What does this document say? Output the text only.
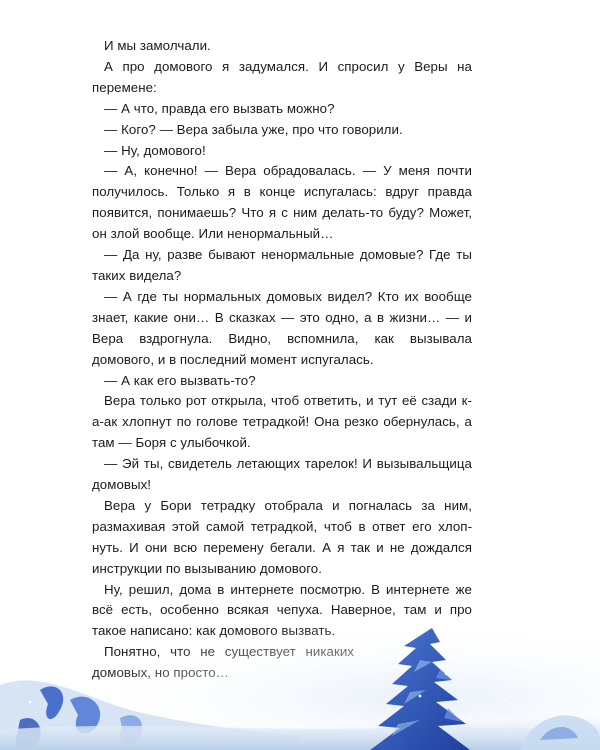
И мы замолчали.

А про домового я задумался. И спросил у Веры на перемене:

— А что, правда его вызвать можно?

— Кого? — Вера забыла уже, про что говорили.

— Ну, домового!

— А, конечно! — Вера обрадовалась. — У меня почти получилось. Только я в конце испугалась: вдруг правда появится, понимаешь? Что я с ним делать-то буду? Может, он злой вообще. Или ненормальный…

— Да ну, разве бывают ненормальные домовые? Где ты таких видела?

— А где ты нормальных домовых видел? Кто их вообще знает, какие они… В сказках — это одно, а в жизни… — и Вера вздрогнула. Видно, вспомнила, как вызывала домового, и в последний момент испугалась.

— А как его вызвать-то?

Вера только рот открыла, чтоб ответить, и тут её сзади к-а-ак хлопнут по голове тетрадкой! Она резко обернулась, а там — Боря с улыбочкой.

— Эй ты, свидетель летающих тарелок! И вызывальщица домовых!

Вера у Бори тетрадку отобрала и погналась за ним, размахивая этой самой тетрадкой, чтоб в ответ его хлопнуть. И они всю перемену бегали. А я так и не дождался инструкции по вызыванию домового.

Ну, решил, дома в интернете посмотрю. В интернете же всё есть, особенно всякая чепуха. Наверное, там и про
